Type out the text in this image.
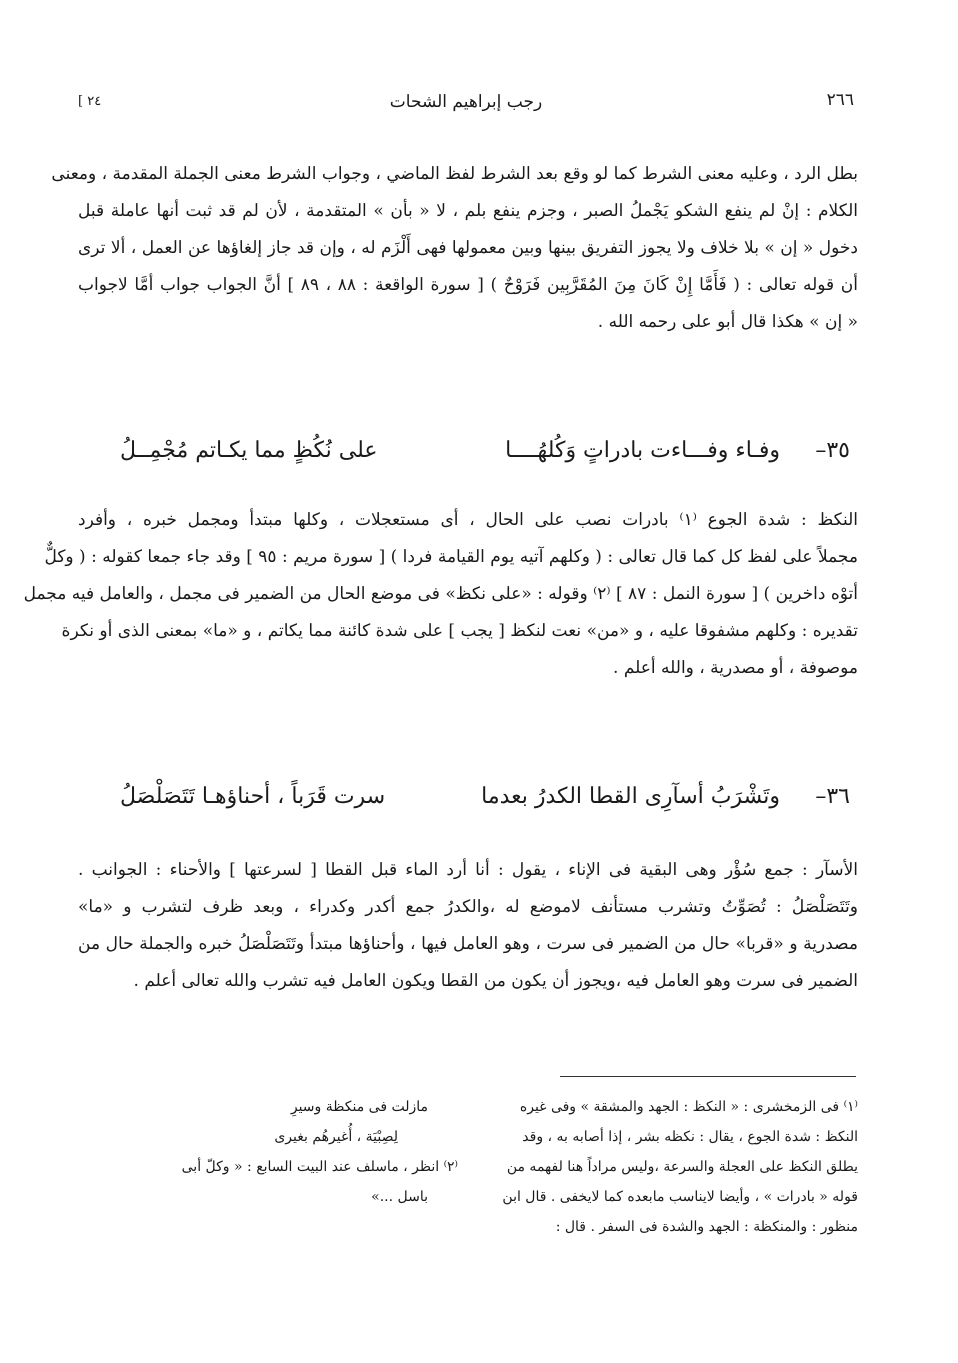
٢٦٦
رجب إبراهيم الشحات
[ ٢٤
بطل الرد ، وعليه معنى الشرط كما لو وقع بعد الشرط لفظ الماضي ، وجواب الشرط معنى الجملة المقدمة ، ومعنى
الكلام : إنْ لم ينفع الشكو يَجْملُ الصبر ، وجزم ينفع بلم ، لا « بأن » المتقدمة ، لأن لم قد ثبت أنها عاملة قبل
دخول « إن » بلا خلاف ولا يجوز التفريق بينها وبين معمولها فهى أَلْزَم له ، وإن قد جاز إلغاؤها عن العمل ، ألا ترى
أن قوله تعالى : ( فَأَمَّا إِنْ كَانَ مِنَ المُقَرَّبِين فَرَوْحٌ ) [ سورة الواقعة : ٨٨ ، ٨٩ ] أنَّ الجواب جواب أمَّا لاجواب
« إن » هكذا قال أبو على رحمه الله .
٣٥–
وفـاء وفـــاءت بادراتٍ وَكُلهُــــا
على نُكُظٍ مما يكـاتم مُجْمِــلُ
النكظ : شدة الجوع ⁽١⁾ بادرات نصب على الحال ، أى مستعجلات ، وكلها مبتدأ ومجمل خبره ، وأفرد
مجملاً على لفظ كل كما قال تعالى : ( وكلهم آتيه يوم القيامة فردا ) [ سورة مريم : ٩٥ ] وقد جاء جمعا كقوله : ( وكلٌّ
أتوْه داخرين ) [ سورة النمل : ٨٧ ] ⁽٢⁾ وقوله : «على نكظ» فى موضع الحال من الضمير فى مجمل ، والعامل فيه مجمل
تقديره : وكلهم مشفوقا عليه ، و «من» نعت لنكظ [ يجب ] على شدة كائنة مما يكاتم ، و «ما» بمعنى الذى أو نكرة
موصوفة ، أو مصدرية ، والله أعلم .
٣٦–
وتَشْرَبُ أسآرِى القطا الكدرُ بعدما
سرت قَرَباً ، أحناؤهـا تَتَصَلْصَلُ
الأسآر : جمع سُؤْر وهى البقية فى الإناء ، يقول : أنا أرد الماء قبل القطا [ لسرعتها ] والأحناء : الجوانب .
وتَتَصَلْصَلُ : تُصَوِّتُ وتشرب مستأنف لاموضع له ،والكدرُ جمع أكدر وكدراء ، وبعد ظرف لتشرب و «ما»
مصدرية و «قربا» حال من الضمير فى سرت ، وهو العامل فيها ، وأحناؤها مبتدأ وتَتَصَلْصَلُ خبره والجملة حال من
الضمير فى سرت وهو العامل فيه ،ويجوز أن يكون من القطا ويكون العامل فيه تشرب والله تعالى أعلم .
⁽١⁾ فى الزمخشرى : « النكظ : الجهد والمشقة » وفى غيره
النكظ : شدة الجوع ، يقال : نكظه بشر ، إذا أصابه به ، وقد
يطلق النكظ على العجلة والسرعة ،وليس مراداً هنا لفهمه من
قوله « بادرات » ، وأيضا لايناسب مابعده كما لايخفى . قال ابن
منظور : والمنكظة : الجهد والشدة فى السفر . قال :
مازلت فى منكظة وسيرِ
لِصِبْيَة ، أُغيرهُم بغيرى
⁽٢⁾ انظر ، ماسلف عند البيت السابع : « وكلّ أبى
باسل ...»
